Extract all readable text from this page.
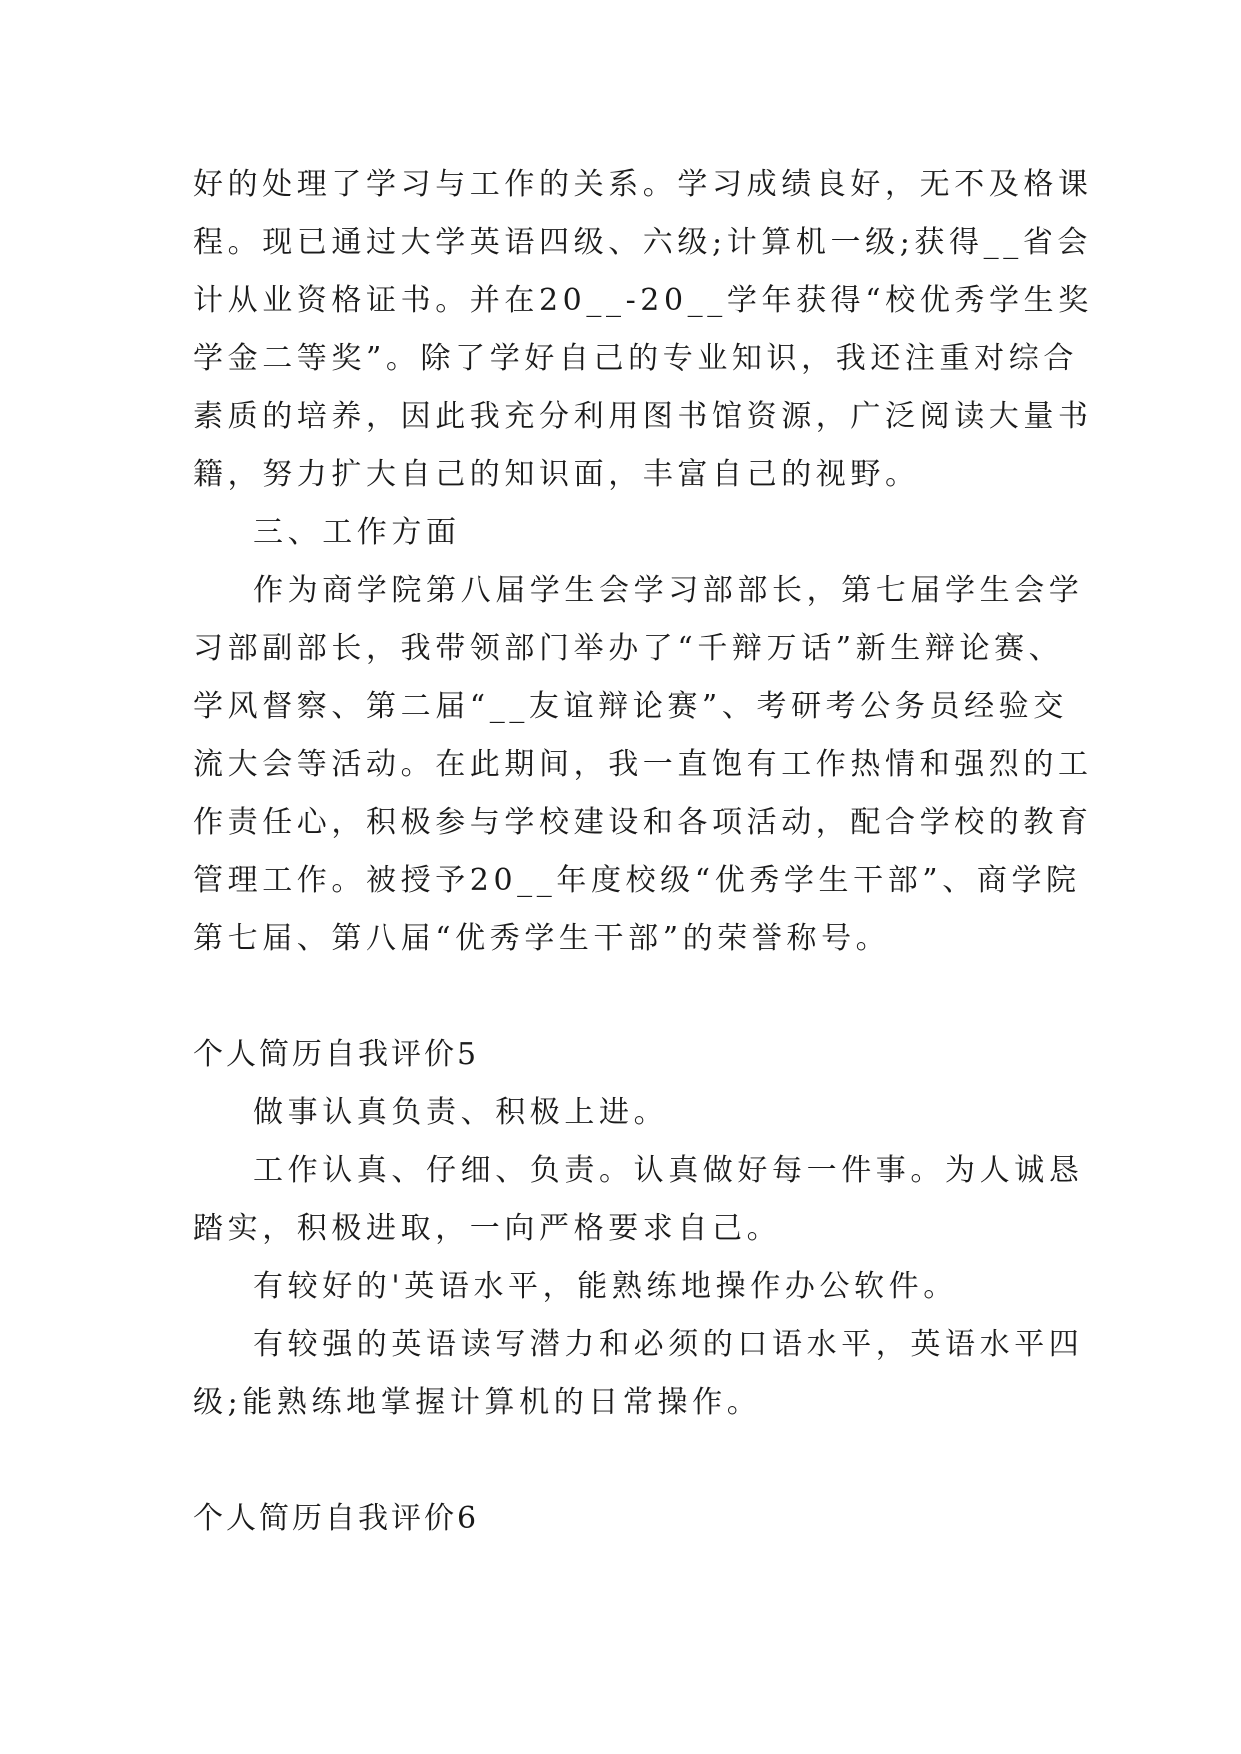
好的处理了学习与工作的关系。学习成绩良好，无不及格课
程。现已通过大学英语四级、六级;计算机一级;获得__省会
计从业资格证书。并在20__-20__学年获得“校优秀学生奖
学金二等奖”。除了学好自己的专业知识，我还注重对综合
素质的培养，因此我充分利用图书馆资源，广泛阅读大量书
籍，努力扩大自己的知识面，丰富自己的视野。
三、工作方面
作为商学院第八届学生会学习部部长，第七届学生会学
习部副部长，我带领部门举办了“千辩万话”新生辩论赛、
学风督察、第二届“__友谊辩论赛”、考研考公务员经验交
流大会等活动。在此期间，我一直饱有工作热情和强烈的工
作责任心，积极参与学校建设和各项活动，配合学校的教育
管理工作。被授予20__年度校级“优秀学生干部”、商学院
第七届、第八届“优秀学生干部”的荣誉称号。
个人简历自我评价5
做事认真负责、积极上进。
工作认真、仔细、负责。认真做好每一件事。为人诚恳
踏实，积极进取，一向严格要求自己。
有较好的'英语水平，能熟练地操作办公软件。
有较强的英语读写潜力和必须的口语水平，英语水平四
级;能熟练地掌握计算机的日常操作。
个人简历自我评价6
